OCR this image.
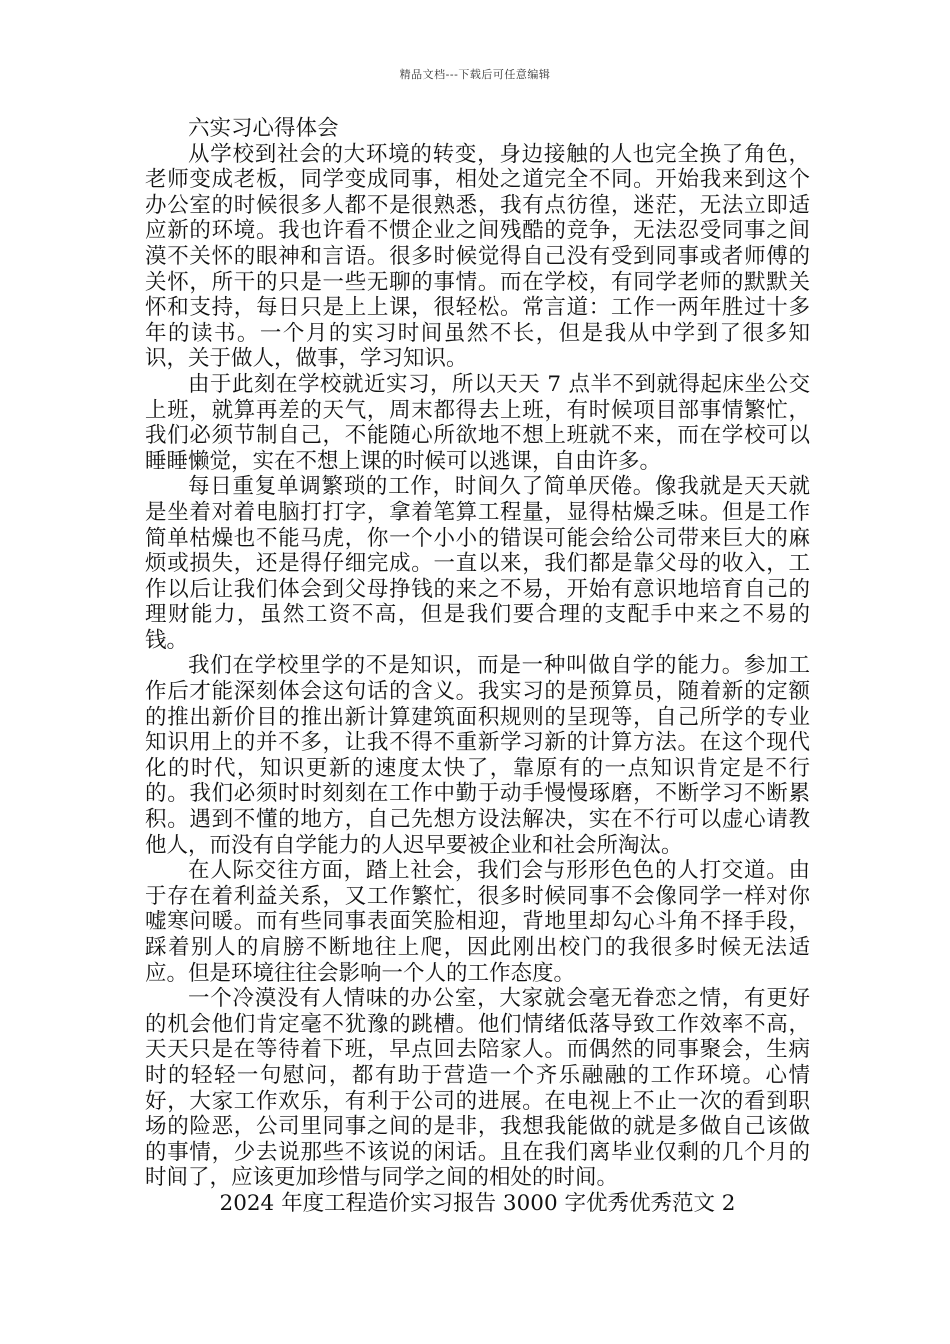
精品文档---下载后可任意编辑

六实习心得体会

从学校到社会的大环境的转变，身边接触的人也完全换了角色，老师变成老板，同学变成同事，相处之道完全不同。开始我来到这个办公室的时候很多人都不是很熟悉，我有点彷徨，迷茫，无法立即适应新的环境。我也许看不惯企业之间残酷的竞争，无法忍受同事之间漠不关怀的眼神和言语。很多时候觉得自己没有受到同事或者师傅的关怀，所干的只是一些无聊的事情。而在学校，有同学老师的默默关怀和支持，每日只是上上课，很轻松。常言道：工作一两年胜过十多年的读书。一个月的实习时间虽然不长，但是我从中学到了很多知识，关于做人，做事，学习知识。

由于此刻在学校就近实习，所以天天 7 点半不到就得起床坐公交上班，就算再差的天气，周末都得去上班，有时候项目部事情繁忙，我们必须节制自己，不能随心所欲地不想上班就不来，而在学校可以睡睡懒觉，实在不想上课的时候可以逃课，自由许多。

每日重复单调繁琐的工作，时间久了简单厌倦。像我就是天天就是坐着对着电脑打打字，拿着笔算工程量，显得枯燥乏味。但是工作简单枯燥也不能马虎，你一个小小的错误可能会给公司带来巨大的麻烦或损失，还是得仔细完成。一直以来，我们都是靠父母的收入，工作以后让我们体会到父母挣钱的来之不易，开始有意识地培育自己的理财能力，虽然工资不高，但是我们要合理的支配手中来之不易的钱。

我们在学校里学的不是知识，而是一种叫做自学的能力。参加工作后才能深刻体会这句话的含义。我实习的是预算员，随着新的定额的推出新价目的推出新计算建筑面积规则的呈现等，自己所学的专业知识用上的并不多，让我不得不重新学习新的计算方法。在这个现代化的时代，知识更新的速度太快了，靠原有的一点知识肯定是不行的。我们必须时时刻刻在工作中勤于动手慢慢琢磨，不断学习不断累积。遇到不懂的地方，自己先想方设法解决，实在不行可以虚心请教他人，而没有自学能力的人迟早要被企业和社会所淘汰。

在人际交往方面，踏上社会，我们会与形形色色的人打交道。由于存在着利益关系，又工作繁忙，很多时候同事不会像同学一样对你嘘寒问暖。而有些同事表面笑脸相迎，背地里却勾心斗角不择手段，踩着别人的肩膀不断地往上爬，因此刚出校门的我很多时候无法适应。但是环境往往会影响一个人的工作态度。

一个冷漠没有人情味的办公室，大家就会毫无眷恋之情，有更好的机会他们肯定毫不犹豫的跳槽。他们情绪低落导致工作效率不高，天天只是在等待着下班，早点回去陪家人。而偶然的同事聚会，生病时的轻轻一句慰问，都有助于营造一个齐乐融融的工作环境。心情好，大家工作欢乐，有利于公司的进展。在电视上不止一次的看到职场的险恶，公司里同事之间的是非，我想我能做的就是多做自己该做的事情，少去说那些不该说的闲话。且在我们离毕业仅剩的几个月的时间了，应该更加珍惜与同学之间的相处的时间。

2024 年度工程造价实习报告 3000 字优秀优秀范文 2
